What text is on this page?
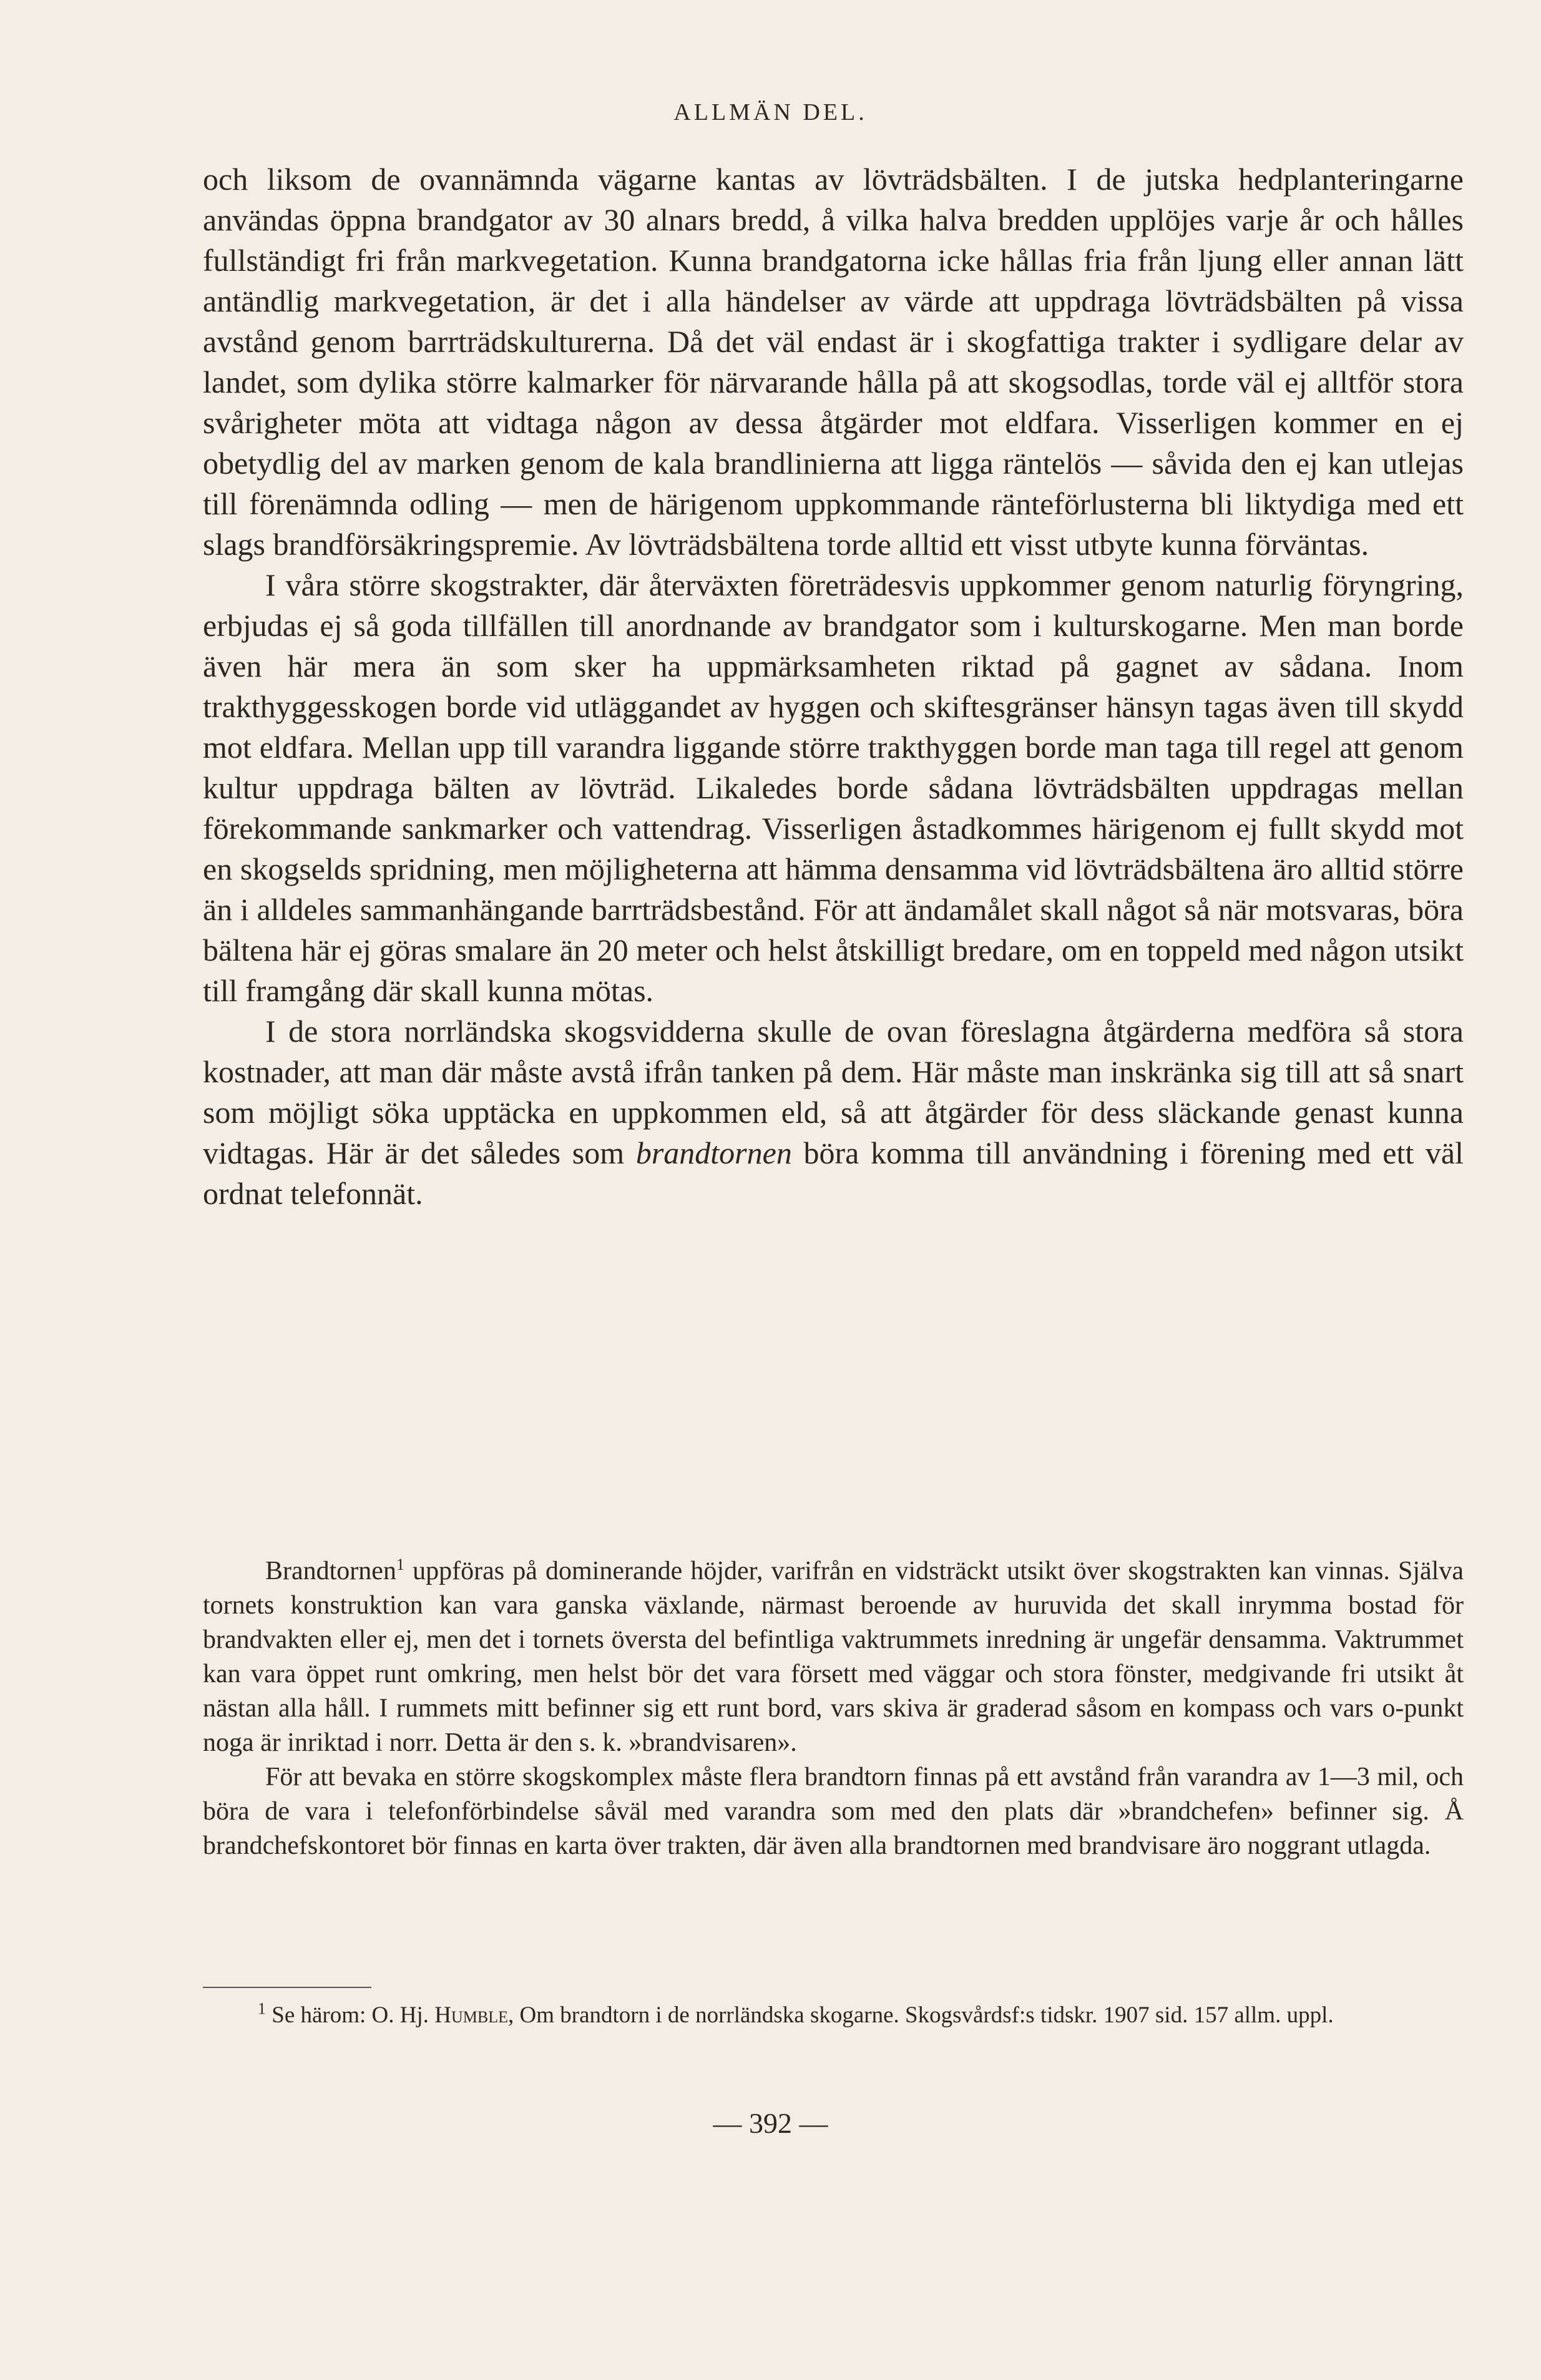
ALLMÄN DEL.

och liksom de ovannämnda vägarne kantas av lövträdsbälten. I de jutska hedplanteringarne användas öppna brandgator av 30 alnars bredd, å vilka halva bredden upplöjes varje år och hålles fullständigt fri från markvegetation. Kunna brandgatorna icke hållas fria från ljung eller annan lätt antändlig markvegetation, är det i alla händelser av värde att uppdraga lövträdsbälten på vissa avstånd genom barrträdskulturerna. Då det väl endast är i skogfattiga trakter i sydligare delar av landet, som dylika större kalmarker för närvarande hålla på att skogsodlas, torde väl ej alltför stora svårigheter möta att vidtaga någon av dessa åtgärder mot eldfara. Visserligen kommer en ej obetydlig del av marken genom de kala brandlinierna att ligga räntelös — såvida den ej kan utlejas till förenämnda odling — men de härigenom uppkommande ränteförlusterna bli liktydiga med ett slags brandförsäkringspremie. Av lövträdsbältena torde alltid ett visst utbyte kunna förväntas.

I våra större skogstrakter, där återväxten företrädesvis uppkommer genom naturlig föryngring, erbjudas ej så goda tillfällen till anordnande av brandgator som i kulturskogarne. Men man borde även här mera än som sker ha uppmärksamheten riktad på gagnet av sådana. Inom trakthyggesskogen borde vid utläggandet av hyggen och skiftesgränser hänsyn tagas även till skydd mot eldfara. Mellan upp till varandra liggande större trakthyggen borde man taga till regel att genom kultur uppdraga bälten av lövträd. Likaledes borde sådana lövträdsbälten uppdragas mellan förekommande sankmarker och vattendrag. Visserligen åstadkommes härigenom ej fullt skydd mot en skogselds spridning, men möjligheterna att hämma densamma vid lövträdsbältena äro alltid större än i alldeles sammanhängande barrträdsbestånd. För att ändamålet skall något så när motsvaras, böra bältena här ej göras smalare än 20 meter och helst åtskilligt bredare, om en toppeld med någon utsikt till framgång där skall kunna mötas.

I de stora norrländska skogsvidderna skulle de ovan föreslagna åtgärderna medföra så stora kostnader, att man där måste avstå ifrån tanken på dem. Här måste man inskränka sig till att så snart som möjligt söka upptäcka en uppkommen eld, så att åtgärder för dess släckande genast kunna vidtagas. Här är det således som brandtornen böra komma till användning i förening med ett väl ordnat telefonnät.

Brandtornen$^1$ uppföras på dominerande höjder, varifrån en vidsträckt utsikt över skogstrakten kan vinnas. Själva tornets konstruktion kan vara ganska växlande, närmast beroende av huruvida det skall inrymma bostad för brandvakten eller ej, men det i tornets översta del befintliga vaktrummets inredning är ungefär densamma. Vaktrummet kan vara öppet runt omkring, men helst bör det vara försett med väggar och stora fönster, medgivande fri utsikt åt nästan alla håll. I rummets mitt befinner sig ett runt bord, vars skiva är graderad såsom en kompass och vars o-punkt noga är inriktad i norr. Detta är den s. k. »brandvisaren».

För att bevaka en större skogskomplex måste flera brandtorn finnas på ett avstånd från varandra av 1—3 mil, och böra de vara i telefonförbindelse såväl med varandra som med den plats där »brandchefen» befinner sig. Å brandchefskontoret bör finnas en karta över trakten, där även alla brandtornen med brandvisare äro noggrant utlagda.

$^1$ Se härom: O. Hj. Humble, Om brandtorn i de norrländska skogarne. Skogsvårdsf:s tidskr. 1907 sid. 157 allm. uppl.

— 392 —
